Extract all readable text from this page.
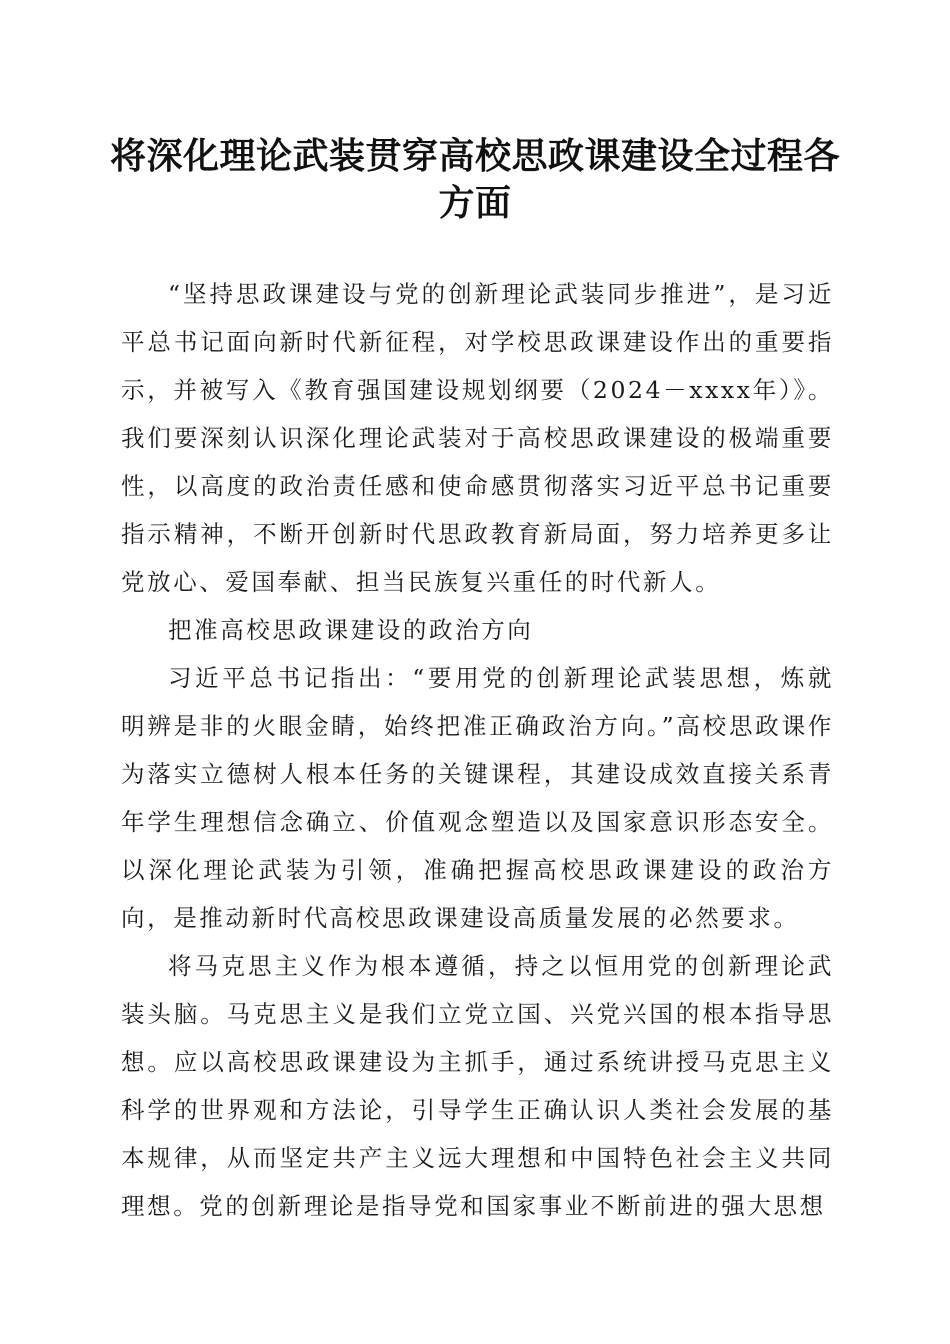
将深化理论武装贯穿高校思政课建设全过程各方面

“坚持思政课建设与党的创新理论武装同步推进”，是习近平总书记面向新时代新征程，对学校思政课建设作出的重要指示，并被写入《教育强国建设规划纲要（2024－xxxx年）》。我们要深刻认识深化理论武装对于高校思政课建设的极端重要性，以高度的政治责任感和使命感贯彻落实习近平总书记重要指示精神，不断开创新时代思政教育新局面，努力培养更多让党放心、爱国奉献、担当民族复兴重任的时代新人。

把准高校思政课建设的政治方向

习近平总书记指出：“要用党的创新理论武装思想，炼就明辨是非的火眼金睛，始终把准正确政治方向。”高校思政课作为落实立德树人根本任务的关键课程，其建设成效直接关系青年学生理想信念确立、价值观念塑造以及国家意识形态安全。以深化理论武装为引领，准确把握高校思政课建设的政治方向，是推动新时代高校思政课建设高质量发展的必然要求。

将马克思主义作为根本遵循，持之以恒用党的创新理论武装头脑。马克思主义是我们立党立国、兴党兴国的根本指导思想。应以高校思政课建设为主抓手，通过系统讲授马克思主义科学的世界观和方法论，引导学生正确认识人类社会发展的基本规律，从而坚定共产主义远大理想和中国特色社会主义共同理想。党的创新理论是指导党和国家事业不断前进的强大思想
